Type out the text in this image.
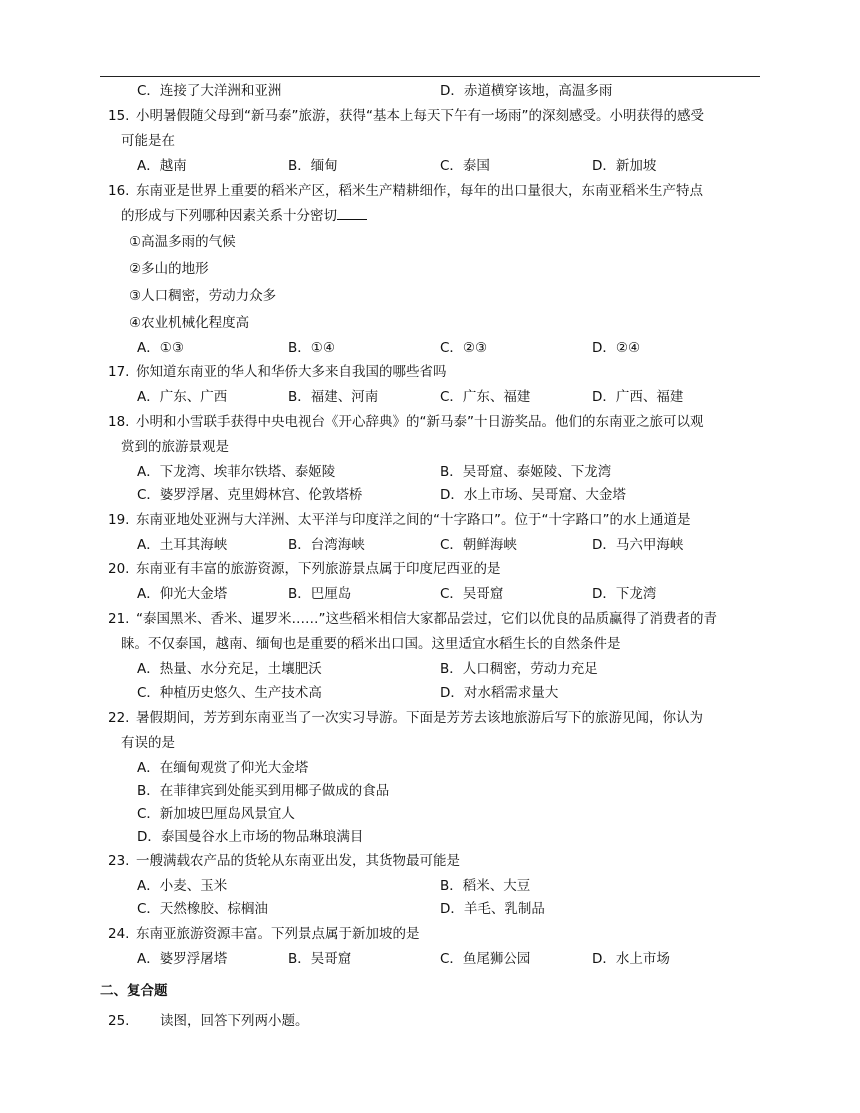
C．连接了大洋洲和亚洲	D．赤道横穿该地，高温多雨
15. 小明暑假随父母到“新马泰”旅游，获得“基本上每天下午有一场雨”的深刻感受。小明获得的感受
可能是在
A．越南	B．缅甸	C．泰国	D．新加坡
16. 东南亚是世界上重要的稻米产区，稻米生产精耕细作，每年的出口量很大，东南亚稻米生产特点
的形成与下列哪种因素关系十分密切
①高温多雨的气候
②多山的地形
③人口稠密，劳动力众多
④农业机械化程度高
A．①③	B．①④	C．②③	D．②④
17. 你知道东南亚的华人和华侨大多来自我国的哪些省吗
A．广东、广西	B．福建、河南	C．广东、福建	D．广西、福建
18. 小明和小雪联手获得中央电视台《开心辞典》的“新马泰”十日游奖品。他们的东南亚之旅可以观
赏到的旅游景观是
A．下龙湾、埃菲尔铁塔、泰姬陵	B．吴哥窟、泰姬陵、下龙湾
C．婆罗浮屠、克里姆林宫、伦敦塔桥	D．水上市场、吴哥窟、大金塔
19. 东南亚地处亚洲与大洋洲、太平洋与印度洋之间的“十字路口”。位于“十字路口”的水上通道是
A．土耳其海峡	B．台湾海峡	C．朝鲜海峡	D．马六甲海峡
20. 东南亚有丰富的旅游资源，下列旅游景点属于印度尼西亚的是
A．仰光大金塔	B．巴厘岛	C．吴哥窟	D．下龙湾
21. “泰国黑米、香米、暹罗米……”这些稻米相信大家都品尝过，它们以优良的品质赢得了消费者的青
睐。不仅泰国，越南、缅甸也是重要的稻米出口国。这里适宜水稻生长的自然条件是
A．热量、水分充足，土壤肥沃	B．人口稠密，劳动力充足
C．种植历史悠久、生产技术高	D．对水稻需求量大
22. 暑假期间，芳芳到东南亚当了一次实习导游。下面是芳芳去该地旅游后写下的旅游见闻，你认为
有误的是
A．在缅甸观赏了仰光大金塔
B．在菲律宾到处能买到用椰子做成的食品
C．新加坡巴厘岛风景宜人
D．泰国曼谷水上市场的物品琳琅满目
23. 一艘满载农产品的货轮从东南亚出发，其货物最可能是
A．小麦、玉米	B．稻米、大豆
C．天然橡胶、棕榈油	D．羊毛、乳制品
24. 东南亚旅游资源丰富。下列景点属于新加坡的是
A．婆罗浮屠塔	B．吴哥窟	C．鱼尾狮公园	D．水上市场
二、复合题
25. 读图，回答下列两小题。
